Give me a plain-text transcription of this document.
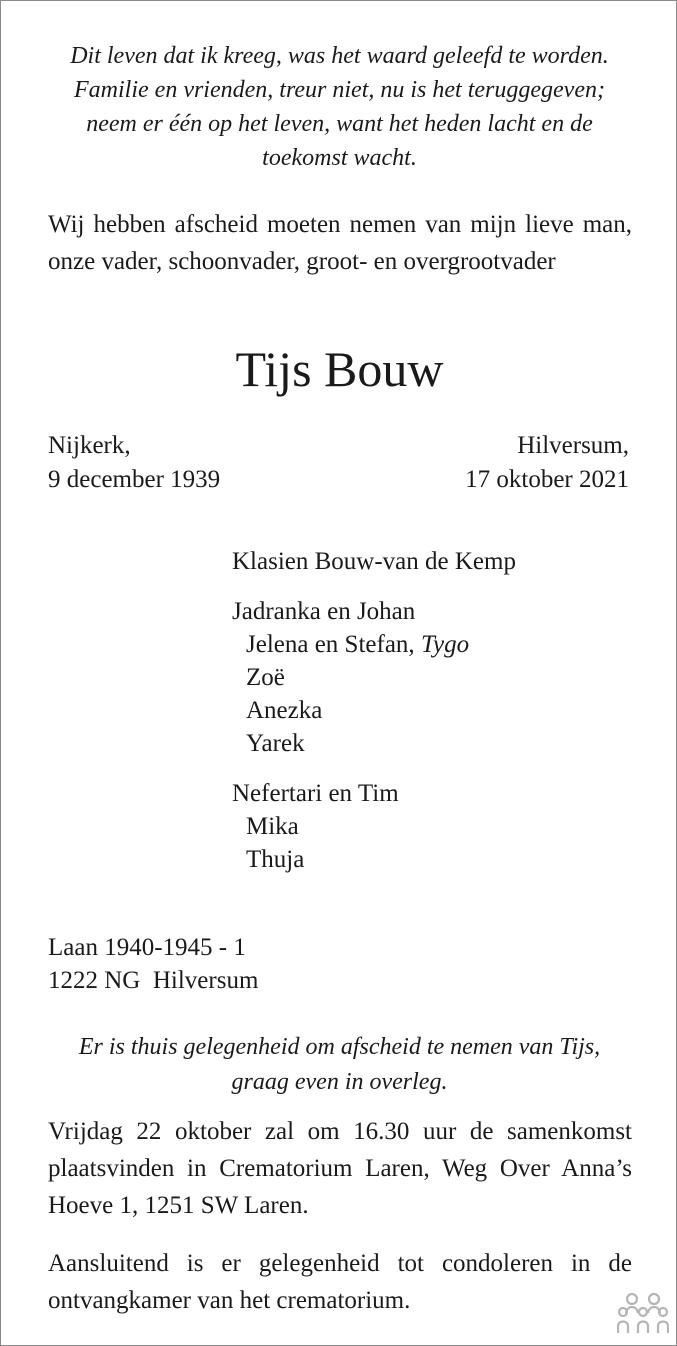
Dit leven dat ik kreeg, was het waard geleefd te worden.
Familie en vrienden, treur niet, nu is het teruggegeven;
neem er één op het leven, want het heden lacht en de
toekomst wacht.
Wij hebben afscheid moeten nemen van mijn lieve man, onze vader, schoonvader, groot- en overgrootvader
Tijs Bouw
Nijkerk,
9 december 1939
Hilversum,
17 oktober 2021
Klasien Bouw-van de Kemp
Jadranka en Johan
Jelena en Stefan, Tygo
Zoë
Anezka
Yarek
Nefertari en Tim
Mika
Thuja
Laan 1940-1945 - 1
1222 NG Hilversum
Er is thuis gelegenheid om afscheid te nemen van Tijs,
graag even in overleg.
Vrijdag 22 oktober zal om 16.30 uur de samenkomst plaatsvinden in Crematorium Laren, Weg Over Anna’s Hoeve 1, 1251 SW Laren.
Aansluitend is er gelegenheid tot condoleren in de ontvangkamer van het crematorium.
